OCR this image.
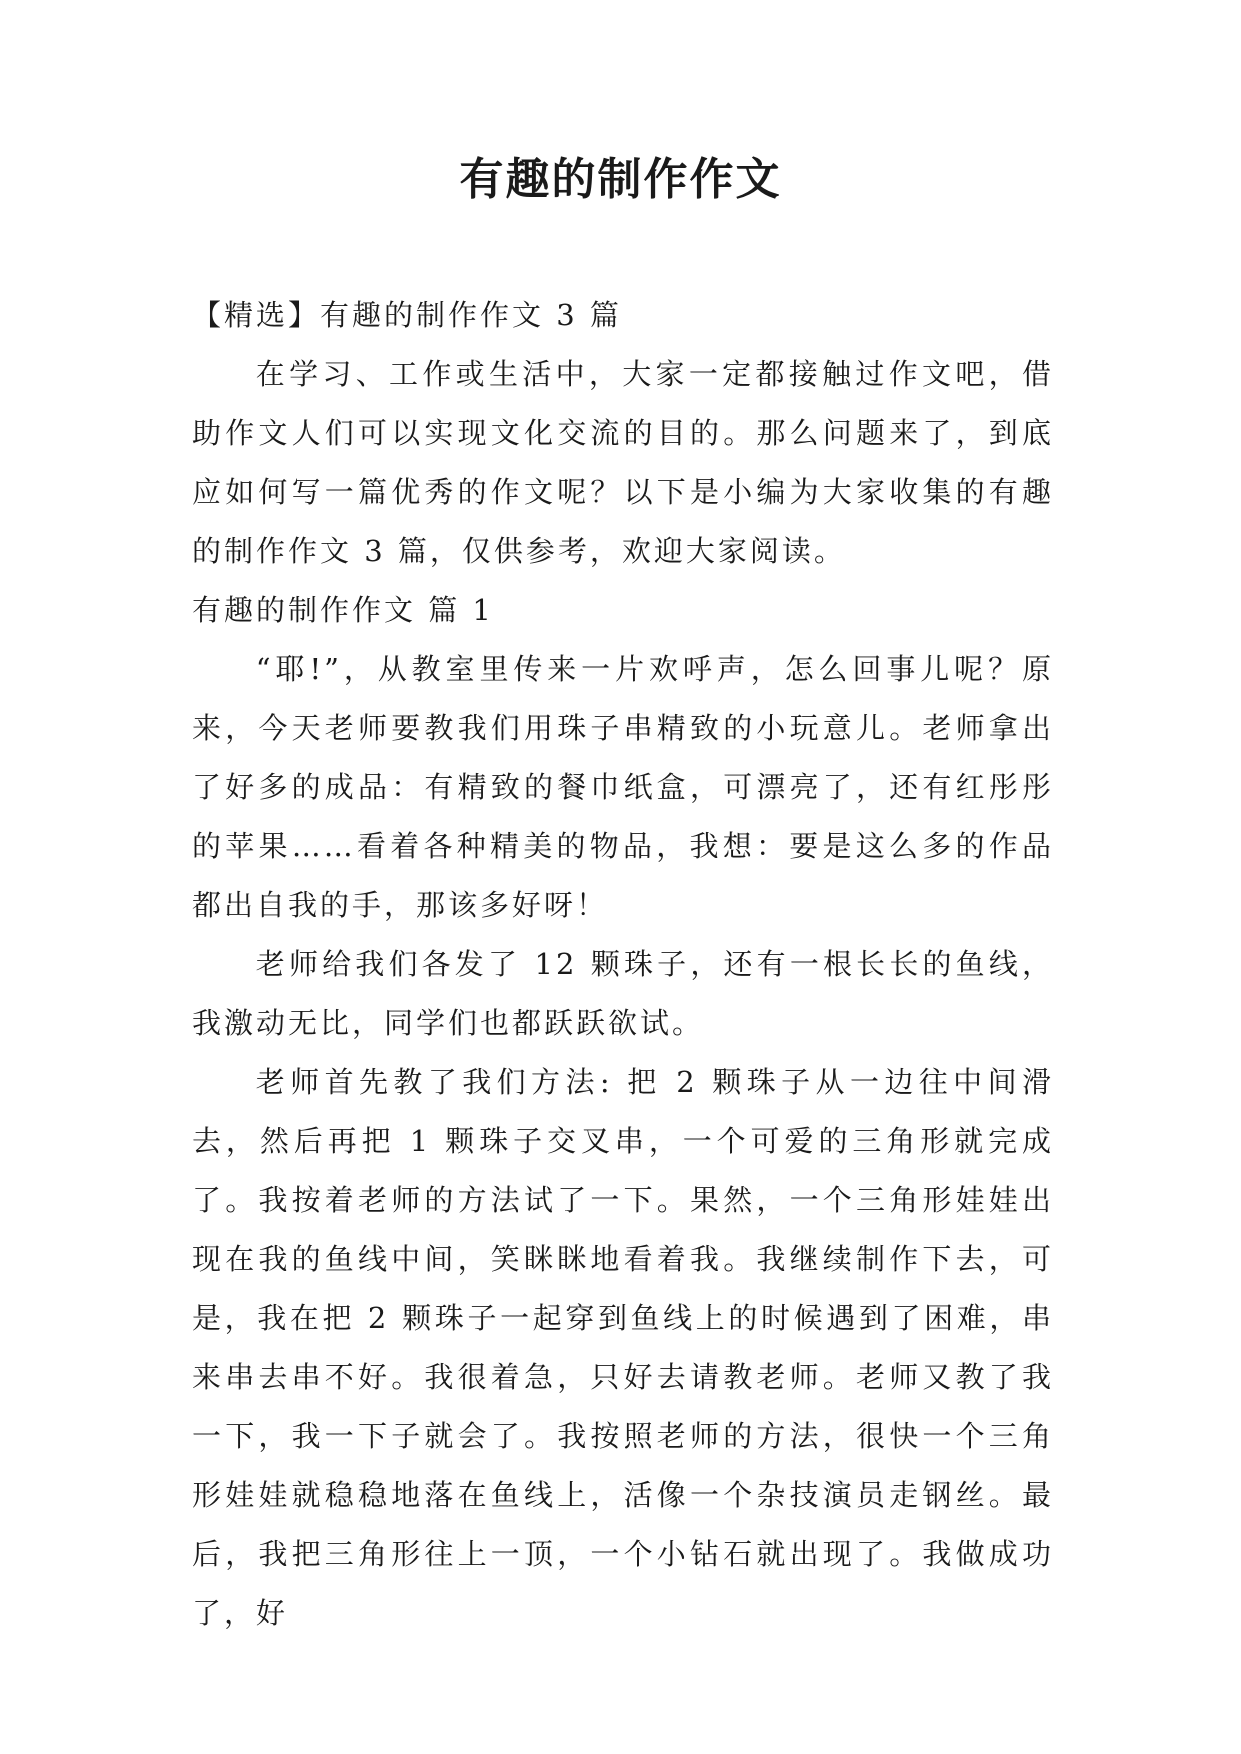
有趣的制作作文

【精选】有趣的制作作文 3 篇

在学习、工作或生活中，大家一定都接触过作文吧，借助作文人们可以实现文化交流的目的。那么问题来了，到底应如何写一篇优秀的作文呢？以下是小编为大家收集的有趣的制作作文 3 篇，仅供参考，欢迎大家阅读。

有趣的制作作文 篇 1

“耶!”，从教室里传来一片欢呼声，怎么回事儿呢？原来，今天老师要教我们用珠子串精致的小玩意儿。老师拿出了好多的成品：有精致的餐巾纸盒，可漂亮了，还有红彤彤的苹果……看着各种精美的物品，我想：要是这么多的作品都出自我的手，那该多好呀！

老师给我们各发了 12 颗珠子，还有一根长长的鱼线，我激动无比，同学们也都跃跃欲试。

老师首先教了我们方法: 把 2 颗珠子从一边往中间滑去，然后再把 1 颗珠子交叉串，一个可爱的三角形就完成了。我按着老师的方法试了一下。果然，一个三角形娃娃出现在我的鱼线中间，笑眯眯地看着我。我继续制作下去，可是，我在把 2 颗珠子一起穿到鱼线上的时候遇到了困难，串来串去串不好。我很着急，只好去请教老师。老师又教了我一下，我一下子就会了。我按照老师的方法，很快一个三角形娃娃就稳稳地落在鱼线上，活像一个杂技演员走钢丝。最后，我把三角形往上一顶，一个小钻石就出现了。我做成功了，好
